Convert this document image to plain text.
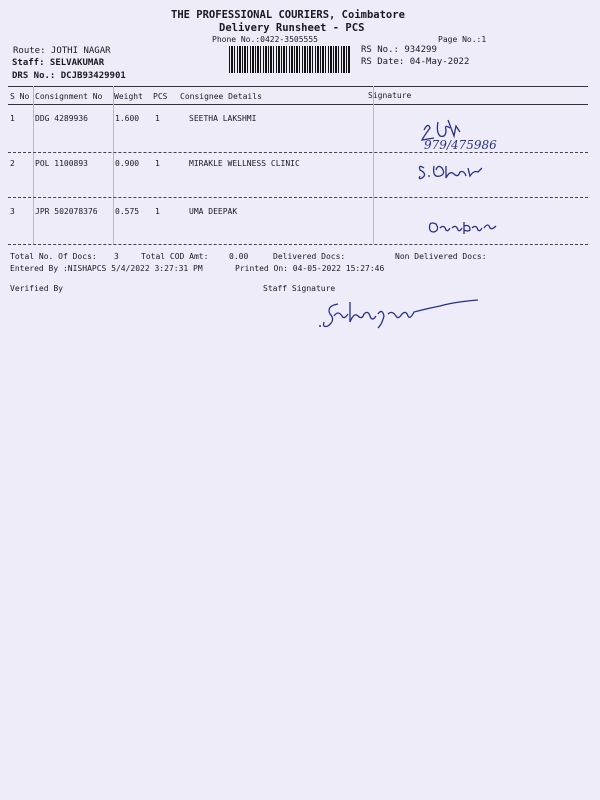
THE PROFESSIONAL COURIERS, Coimbatore
Delivery Runsheet - PCS
Phone No.:0422-3505555	Page No.:1
Route: JOTHI NAGAR
Staff: SELVAKUMAR
DRS No.: DCJB93429901
RS No.: 934299
RS Date: 04-May-2022
S No Consignment No Weight PCS Consignee Details	Signature
1	DDG 4289936	1.600 1	SEETHA LAKSHMI
979/475986
2	POL 1100893	0.900 1	MIRAKLE WELLNESS CLINIC
3	JPR 502078376 0.575 1	UMA DEEPAK
Total No. Of Docs: 3	Total COD Amt:	0.00	Delivered Docs:	Non Delivered Docs:
Entered By :NISHAPCS 5/4/2022 3:27:31 PM	Printed On: 04-05-2022 15:27:46
Verified By	Staff Signature
